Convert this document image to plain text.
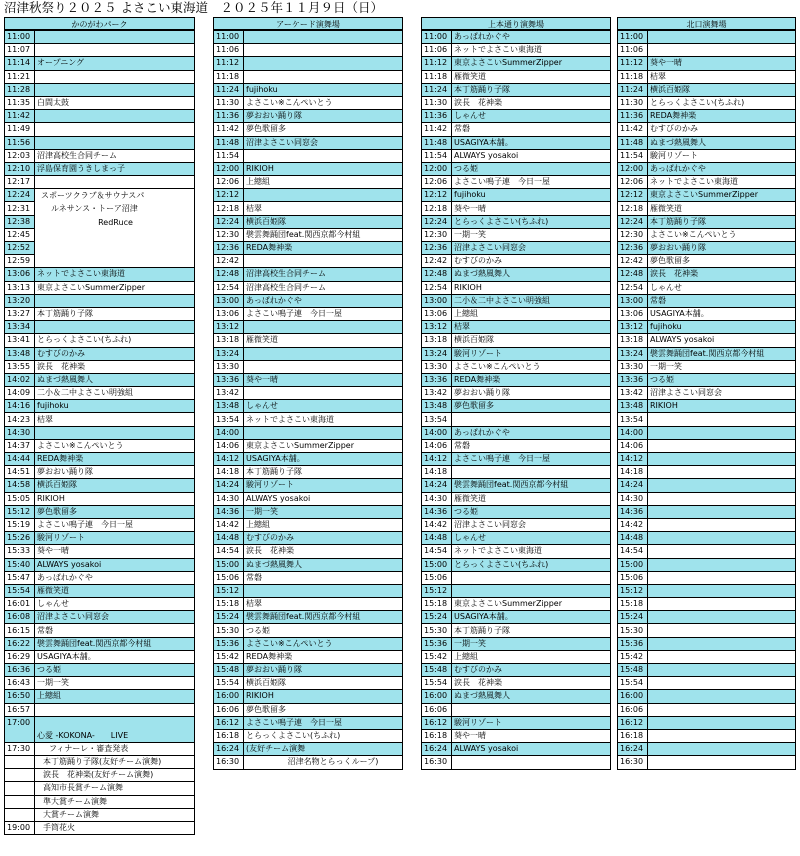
沼津秋祭り２０２５ よさこい東海道　２０２５年１１月９日（日）
かのがわパーク
11:00	
11:07	
11:14	オープニング
11:21	
11:28	
11:35	白間太鼓
11:42	
11:49	
11:56	
12:03	沼津高校生合同チーム
12:10	浮島保育園うきしまっ子
12:17	
12:24	スポーツクラブ＆サウナスパ
ルネサンス・トーア沼津
RedRuce

12:31	
12:38	
12:45	
12:52	
12:59	
13:06	ネットでよさこい東海道
13:13	東京よさこいSummerZipper
13:20	
13:27	本丁筋踊り子隊
13:34	
13:41	とらっくよさこい(ちふれ)
13:48	むすびのかみ
13:55	涙長　花神楽
14:02	ぬまづ熱風舞人
14:09	二小＆二中よさこい明強組
14:16	fujihoku
14:23	桔翠
14:30	
14:37	よさこい※こんぺいとう
14:44	REDA舞神楽
14:51	夢おおい踊り隊
14:58	横浜百姫隊
15:05	RIKIOH
15:12	夢色歌留多
15:19	よさこい鳴子連　今日一屋
15:26	駿河リゾート
15:33	葵や一晴
15:40	ALWAYS yosakoi
15:47	あっぱれかぐや
15:54	雁微笑道
16:01	しゃんせ
16:08	沼津よさこい同窓会
16:15	常磐
16:22	襞雲舞踊団feat.関西京都今村組
16:29	USAGIYA本舗。
16:36	つる姫
16:43	一期一笑
16:50	上總組
16:57	
17:00	心愛 -KOKONA-　　LIVE
17:30	フィナーレ・審査発表
	本丁筋踊り子隊(友好チーム演舞)
	涙長　花神楽(友好チーム演舞)
	高知市長賞チーム演舞
	準大賞チーム演舞
	大賞チーム演舞
19:00	手筒花火
アーケード演舞場
11:00	
11:06	
11:12	
11:18	
11:24	fujihoku
11:30	よさこい※こんぺいとう
11:36	夢おおい踊り隊
11:42	夢色歌留多
11:48	沼津よさこい同窓会
11:54	
12:00	RIKIOH
12:06	上總組
12:12	
12:18	桔翠
12:24	横浜百姫隊
12:30	襞雲舞踊団feat.関西京都今村組
12:36	REDA舞神楽
12:42	
12:48	沼津高校生合同チーム
12:54	沼津高校生合同チーム
13:00	あっぱれかぐや
13:06	よさこい鳴子連　今日一屋
13:12	
13:18	雁微笑道
13:24	
13:30	
13:36	葵や一晴
13:42	
13:48	しゃんせ
13:54	ネットでよさこい東海道
14:00	
14:06	東京よさこいSummerZipper
14:12	USAGIYA本舗。
14:18	本丁筋踊り子隊
14:24	駿河リゾート
14:30	ALWAYS yosakoi
14:36	一期一笑
14:42	上總組
14:48	むすびのかみ
14:54	涙長　花神楽
15:00	ぬまづ熱風舞人
15:06	常磐
15:12	
15:18	桔翠
15:24	襞雲舞踊団feat.関西京都今村組
15:30	つる姫
15:36	よさこい※こんぺいとう
15:42	REDA舞神楽
15:48	夢おおい踊り隊
15:54	横浜百姫隊
16:00	RIKIOH
16:06	夢色歌留多
16:12	よさこい鳴子連　今日一屋
16:18	とらっくよさこい(ちふれ)
16:24	(友好チーム演舞
16:30	沼津名物とらっくループ)
上本通り演舞場
11:00	あっぱれかぐや
11:06	ネットでよさこい東海道
11:12	東京よさこいSummerZipper
11:18	雁微笑道
11:24	本丁筋踊り子隊
11:30	涙長　花神楽
11:36	しゃんせ
11:42	常磐
11:48	USAGIYA本舗。
11:54	ALWAYS yosakoi
12:00	つる姫
12:06	よさこい鳴子連　今日一屋
12:12	fujihoku
12:18	葵や一晴
12:24	とらっくよさこい(ちふれ)
12:30	一期一笑
12:36	沼津よさこい同窓会
12:42	むすびのかみ
12:48	ぬまづ熱風舞人
12:54	RIKIOH
13:00	二小＆二中よさこい明強組
13:06	上總組
13:12	桔翠
13:18	横浜百姫隊
13:24	駿河リゾート
13:30	よさこい※こんぺいとう
13:36	REDA舞神楽
13:42	夢おおい踊り隊
13:48	夢色歌留多
13:54	
14:00	あっぱれかぐや
14:06	常磐
14:12	よさこい鳴子連　今日一屋
14:18	
14:24	襞雲舞踊団feat.関西京都今村組
14:30	雁微笑道
14:36	つる姫
14:42	沼津よさこい同窓会
14:48	しゃんせ
14:54	ネットでよさこい東海道
15:00	とらっくよさこい(ちふれ)
15:06	
15:12	
15:18	東京よさこいSummerZipper
15:24	USAGIYA本舗。
15:30	本丁筋踊り子隊
15:36	一期一笑
15:42	上總組
15:48	むすびのかみ
15:54	涙長　花神楽
16:00	ぬまづ熱風舞人
16:06	
16:12	駿河リゾート
16:18	葵や一晴
16:24	ALWAYS yosakoi
16:30	
北口演舞場
11:00	
11:06	
11:12	葵や一晴
11:18	桔翠
11:24	横浜百姫隊
11:30	とらっくよさこい(ちふれ)
11:36	REDA舞神楽
11:42	むすびのかみ
11:48	ぬまづ熱風舞人
11:54	駿河リゾート
12:00	あっぱれかぐや
12:06	ネットでよさこい東海道
12:12	東京よさこいSummerZipper
12:18	雁微笑道
12:24	本丁筋踊り子隊
12:30	よさこい※こんぺいとう
12:36	夢おおい踊り隊
12:42	夢色歌留多
12:48	涙長　花神楽
12:54	しゃんせ
13:00	常磐
13:06	USAGIYA本舗。
13:12	fujihoku
13:18	ALWAYS yosakoi
13:24	襞雲舞踊団feat.関西京都今村組
13:30	一期一笑
13:36	つる姫
13:42	沼津よさこい同窓会
13:48	RIKIOH
13:54	
14:00	
14:06	
14:12	
14:18	
14:24	
14:30	
14:36	
14:42	
14:48	
14:54	
15:00	
15:06	
15:12	
15:18	
15:24	
15:30	
15:36	
15:42	
15:48	
15:54	
16:00	
16:06	
16:12	
16:18	
16:24	
16:30	
